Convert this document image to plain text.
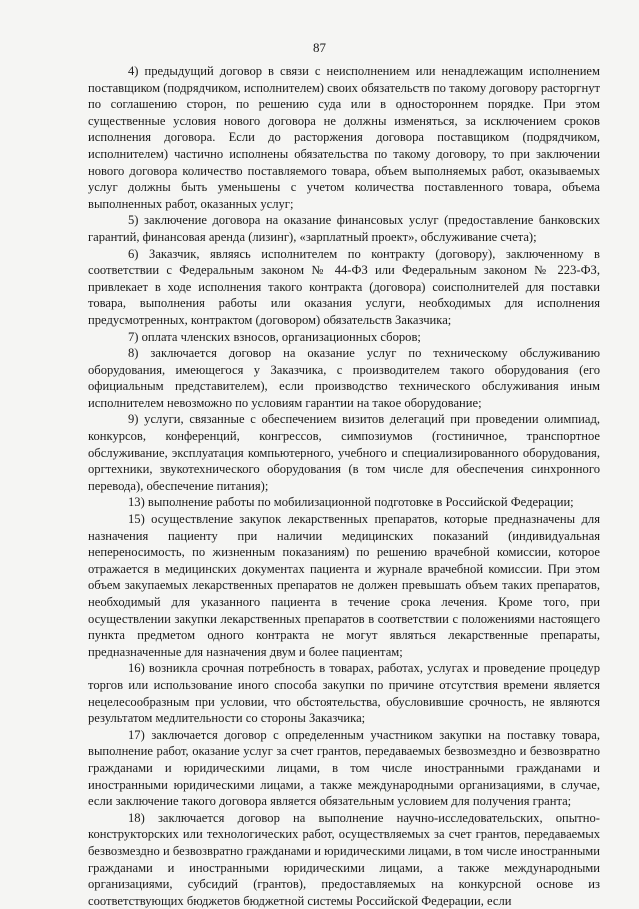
87

4) предыдущий договор в связи с неисполнением или ненадлежащим исполнением поставщиком (подрядчиком, исполнителем) своих обязательств по такому договору расторгнут по соглашению сторон, по решению суда или в одностороннем порядке. При этом существенные условия нового договора не должны изменяться, за исключением сроков исполнения договора. Если до расторжения договора поставщиком (подрядчиком, исполнителем) частично исполнены обязательства по такому договору, то при заключении нового договора количество поставляемого товара, объем выполняемых работ, оказываемых услуг должны быть уменьшены с учетом количества поставленного товара, объема выполненных работ, оказанных услуг;

5) заключение договора на оказание финансовых услуг (предоставление банковских гарантий, финансовая аренда (лизинг), «зарплатный проект», обслуживание счета);

6) Заказчик, являясь исполнителем по контракту (договору), заключенному в соответствии с Федеральным законом № 44-ФЗ или Федеральным законом № 223-ФЗ, привлекает в ходе исполнения такого контракта (договора) соисполнителей для поставки товара, выполнения работы или оказания услуги, необходимых для исполнения предусмотренных, контрактом (договором) обязательств Заказчика;

7) оплата членских взносов, организационных сборов;

8) заключается договор на оказание услуг по техническому обслуживанию оборудования, имеющегося у Заказчика, с производителем такого оборудования (его официальным представителем), если производство технического обслуживания иным исполнителем невозможно по условиям гарантии на такое оборудование;

9) услуги, связанные с обеспечением визитов делегаций при проведении олимпиад, конкурсов, конференций, конгрессов, симпозиумов (гостиничное, транспортное обслуживание, эксплуатация компьютерного, учебного и специализированного оборудования, оргтехники, звукотехнического оборудования (в том числе для обеспечения синхронного перевода), обеспечение питания);

13) выполнение работы по мобилизационной подготовке в Российской Федерации;

15) осуществление закупок лекарственных препаратов, которые предназначены для назначения пациенту при наличии медицинских показаний (индивидуальная непереносимость, по жизненным показаниям) по решению врачебной комиссии, которое отражается в медицинских документах пациента и журнале врачебной комиссии. При этом объем закупаемых лекарственных препаратов не должен превышать объем таких препаратов, необходимый для указанного пациента в течение срока лечения. Кроме того, при осуществлении закупки лекарственных препаратов в соответствии с положениями настоящего пункта предметом одного контракта не могут являться лекарственные препараты, предназначенные для назначения двум и более пациентам;

16) возникла срочная потребность в товарах, работах, услугах и проведение процедур торгов или использование иного способа закупки по причине отсутствия времени является нецелесообразным при условии, что обстоятельства, обусловившие срочность, не являются результатом медлительности со стороны Заказчика;

17) заключается договор с определенным участником закупки на поставку товара, выполнение работ, оказание услуг за счет грантов, передаваемых безвозмездно и безвозвратно гражданами и юридическими лицами, в том числе иностранными гражданами и иностранными юридическими лицами, а также международными организациями, в случае, если заключение такого договора является обязательным условием для получения гранта;

18) заключается договор на выполнение научно-исследовательских, опытно-конструкторских или технологических работ, осуществляемых за счет грантов, передаваемых безвозмездно и безвозвратно гражданами и юридическими лицами, в том числе иностранными гражданами и иностранными юридическими лицами, а также международными организациями, субсидий (грантов), предоставляемых на конкурсной основе из соответствующих бюджетов бюджетной системы Российской Федерации, если
